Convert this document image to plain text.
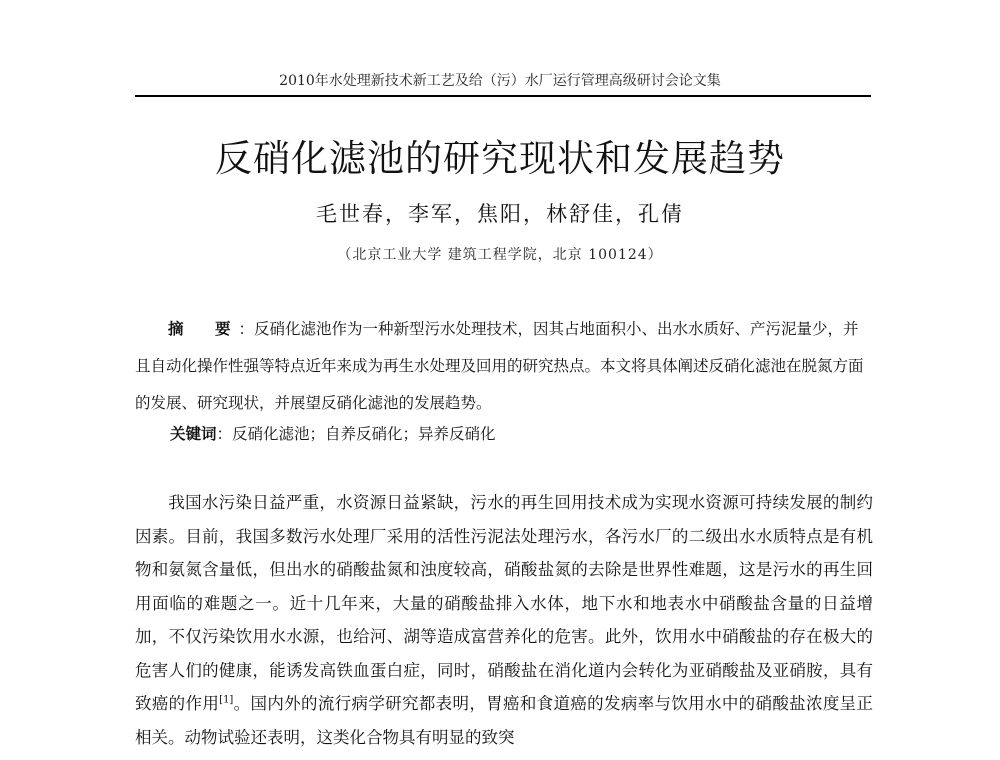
2010年水处理新技术新工艺及给（污）水厂运行管理高级研讨会论文集
反硝化滤池的研究现状和发展趋势
毛世春，李军，焦阳，林舒佳，孔倩
（北京工业大学 建筑工程学院，北京 100124）

摘　要：反硝化滤池作为一种新型污水处理技术，因其占地面积小、出水水质好、产污泥量少，并且自动化操作性强等特点近年来成为再生水处理及回用的研究热点。本文将具体阐述反硝化滤池在脱氮方面的发展、研究现状，并展望反硝化滤池的发展趋势。

关键词：反硝化滤池；自养反硝化；异养反硝化

我国水污染日益严重，水资源日益紧缺，污水的再生回用技术成为实现水资源可持续发展的制约因素。目前，我国多数污水处理厂采用的活性污泥法处理污水，各污水厂的二级出水水质特点是有机物和氨氮含量低，但出水的硝酸盐氮和浊度较高，硝酸盐氮的去除是世界性难题，这是污水的再生回用面临的难题之一。近十几年来，大量的硝酸盐排入水体，地下水和地表水中硝酸盐含量的日益增加，不仅污染饮用水水源，也给河、湖等造成富营养化的危害。此外，饮用水中硝酸盐的存在极大的危害人们的健康，能诱发高铁血蛋白症，同时，硝酸盐在消化道内会转化为亚硝酸盐及亚硝胺，具有致癌的作用[1]。国内外的流行病学研究都表明，胃癌和食道癌的发病率与饮用水中的硝酸盐浓度呈正相关。动物试验还表明，这类化合物具有明显的致突
